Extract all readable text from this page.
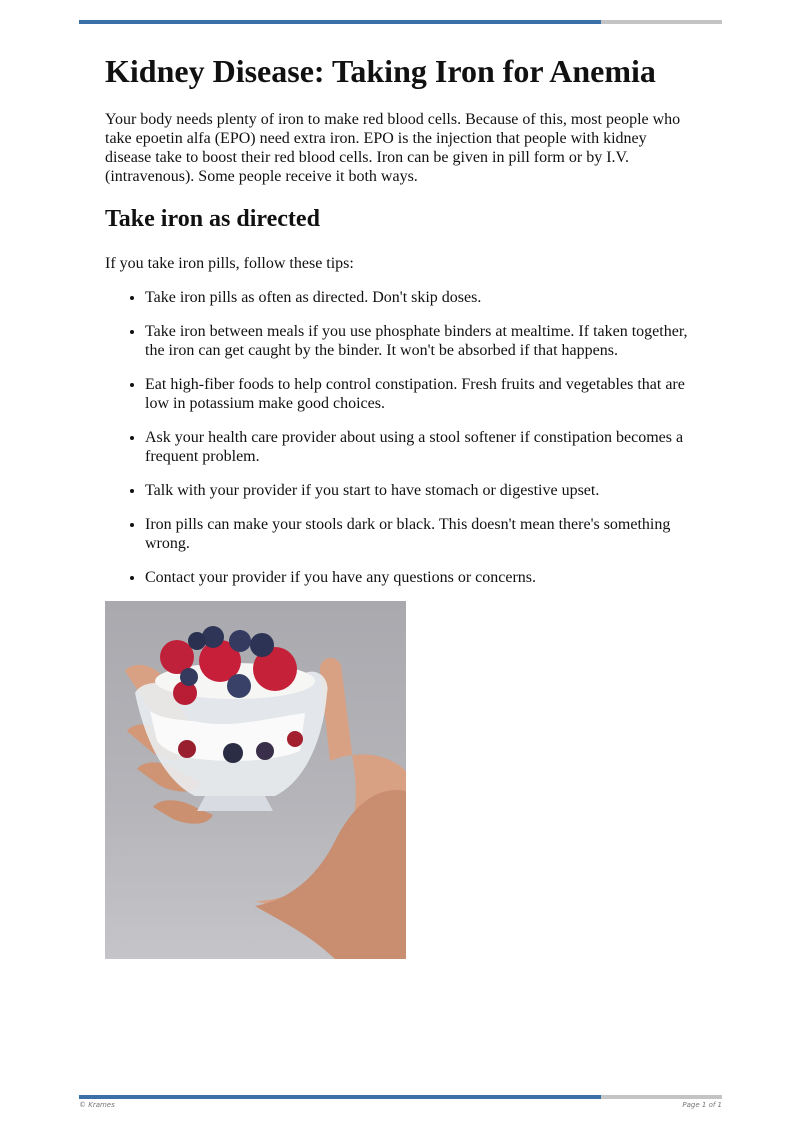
Kidney Disease: Taking Iron for Anemia

Your body needs plenty of iron to make red blood cells. Because of this, most people who take epoetin alfa (EPO) need extra iron. EPO is the injection that people with kidney disease take to boost their red blood cells. Iron can be given in pill form or by I.V. (intravenous). Some people receive it both ways.

Take iron as directed

If you take iron pills, follow these tips:

• Take iron pills as often as directed. Don't skip doses.
• Take iron between meals if you use phosphate binders at mealtime. If taken together, the iron can get caught by the binder. It won't be absorbed if that happens.
• Eat high-fiber foods to help control constipation. Fresh fruits and vegetables that are low in potassium make good choices.
• Ask your health care provider about using a stool softener if constipation becomes a frequent problem.
• Talk with your provider if you start to have stomach or digestive upset.
• Iron pills can make your stools dark or black. This doesn't mean there's something wrong.
• Contact your provider if you have any questions or concerns.
© Krames	Page 1 of 1
